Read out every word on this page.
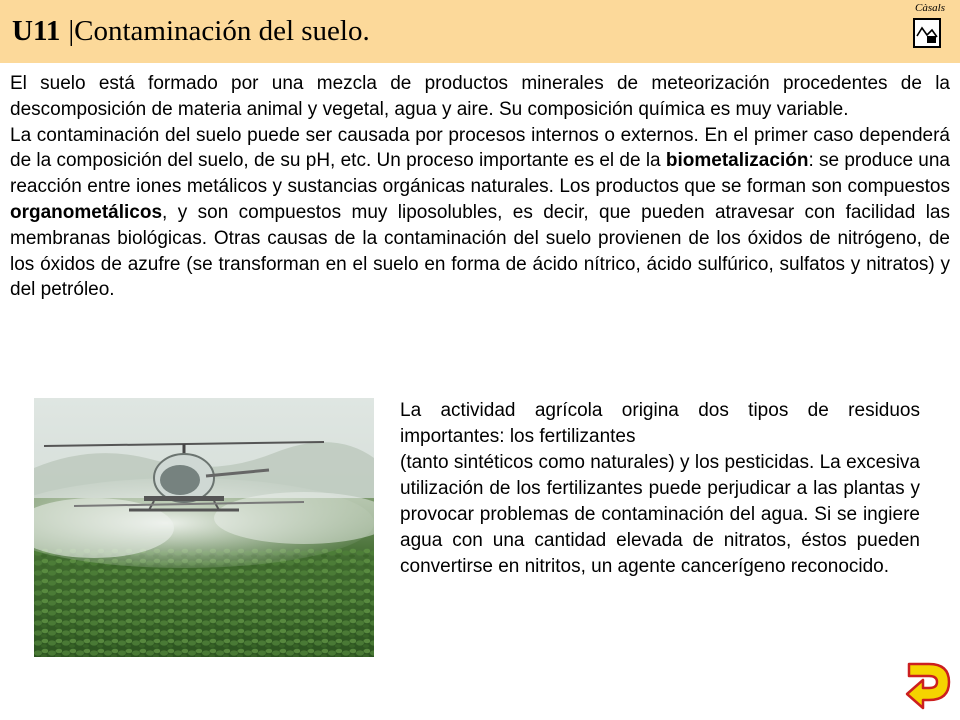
U11 |Contaminación del suelo.
Càsals

El suelo está formado por una mezcla de productos minerales de meteorización procedentes de la descomposición de materia animal y vegetal, agua y aire. Su composición química es muy variable.

La contaminación del suelo puede ser causada por procesos internos o externos. En el primer caso dependerá de la composición del suelo, de su pH, etc. Un proceso importante es el de la biometalización: se produce una reacción entre iones metálicos y sustancias orgánicas naturales. Los productos que se forman son compuestos organometálicos, y son compuestos muy liposolubles, es decir, que pueden atravesar con facilidad las membranas biológicas. Otras causas de la contaminación del suelo provienen de los óxidos de nitrógeno, de los óxidos de azufre (se transforman en el suelo en forma de ácido nítrico, ácido sulfúrico, sulfatos y nitratos) y del petróleo.

La actividad agrícola origina dos tipos de residuos importantes: los fertilizantes

(tanto sintéticos como naturales) y los pesticidas. La excesiva utilización de los fertilizantes puede perjudicar a las plantas y provocar problemas de contaminación del agua. Si se ingiere agua con una cantidad elevada de nitratos, éstos pueden convertirse en nitritos, un agente cancerígeno reconocido.
